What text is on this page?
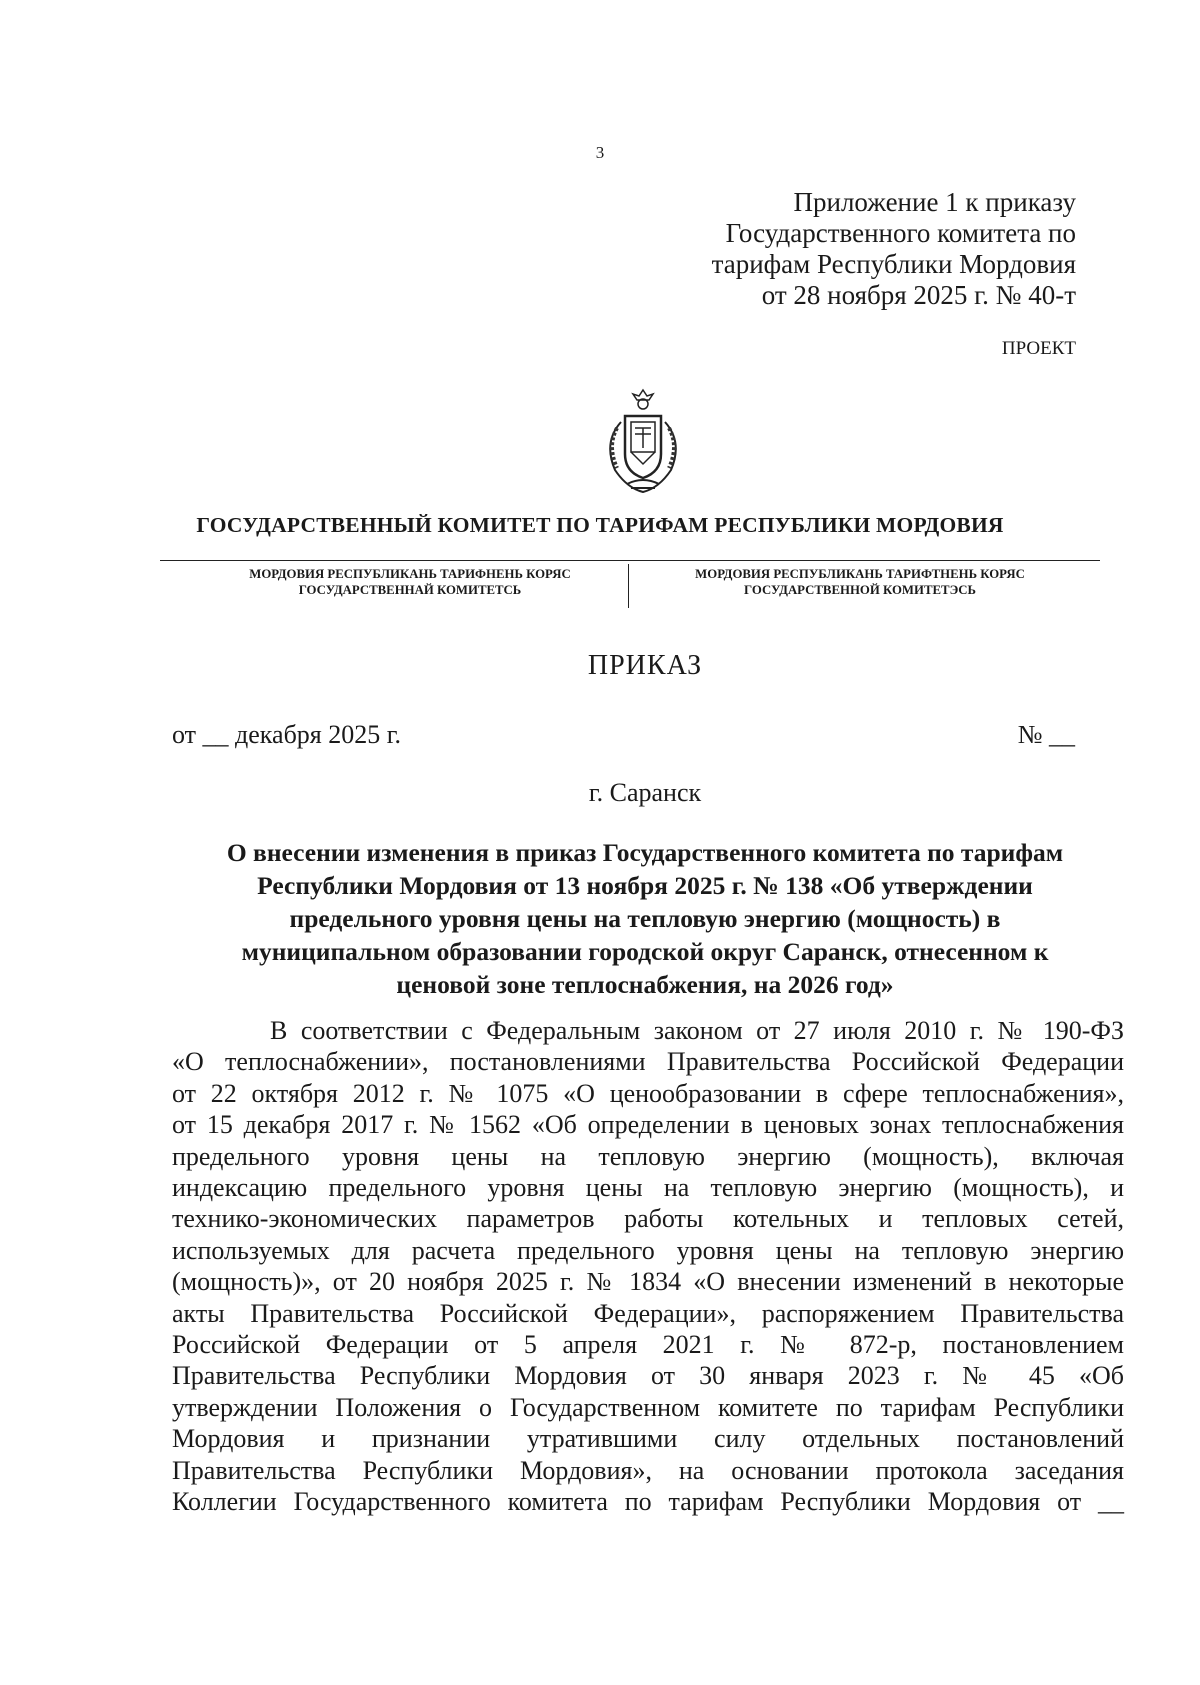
3
Приложение 1 к приказу
Государственного комитета по
тарифам Республики Мордовия
от 28 ноября 2025 г. № 40-т
ПРОЕКТ
ГОСУДАРСТВЕННЫЙ КОМИТЕТ ПО ТАРИФАМ РЕСПУБЛИКИ МОРДОВИЯ
МОРДОВИЯ РЕСПУБЛИКАНЬ ТАРИФНЕНЬ КОРЯС
ГОСУДАРСТВЕННАЙ КОМИТЕТСЬ
МОРДОВИЯ РЕСПУБЛИКАНЬ ТАРИФТНЕНЬ КОРЯС
ГОСУДАРСТВЕННОЙ КОМИТЕТЭСЬ
ПРИКАЗ
от __ декабря 2025 г.	№ __
г. Саранск
О внесении изменения в приказ Государственного комитета по тарифам
Республики Мордовия от 13 ноября 2025 г. № 138 «Об утверждении
предельного уровня цены на тепловую энергию (мощность) в
муниципальном образовании городской округ Саранск, отнесенном к
ценовой зоне теплоснабжения, на 2026 год»
В соответствии с Федеральным законом от 27 июля 2010 г. № 190-ФЗ
«О теплоснабжении», постановлениями Правительства Российской Федерации
от 22 октября 2012 г. № 1075 «О ценообразовании в сфере теплоснабжения»,
от 15 декабря 2017 г. № 1562 «Об определении в ценовых зонах теплоснабжения
предельного уровня цены на тепловую энергию (мощность), включая
индексацию предельного уровня цены на тепловую энергию (мощность), и
технико-экономических параметров работы котельных и тепловых сетей,
используемых для расчета предельного уровня цены на тепловую энергию
(мощность)», от 20 ноября 2025 г. № 1834 «О внесении изменений в некоторые
акты Правительства Российской Федерации», распоряжением Правительства
Российской Федерации от 5 апреля 2021 г. № 872-р, постановлением
Правительства Республики Мордовия от 30 января 2023 г. № 45 «Об
утверждении Положения о Государственном комитете по тарифам Республики
Мордовия и признании утратившими силу отдельных постановлений
Правительства Республики Мордовия», на основании протокола заседания
Коллегии Государственного комитета по тарифам Республики Мордовия от __
